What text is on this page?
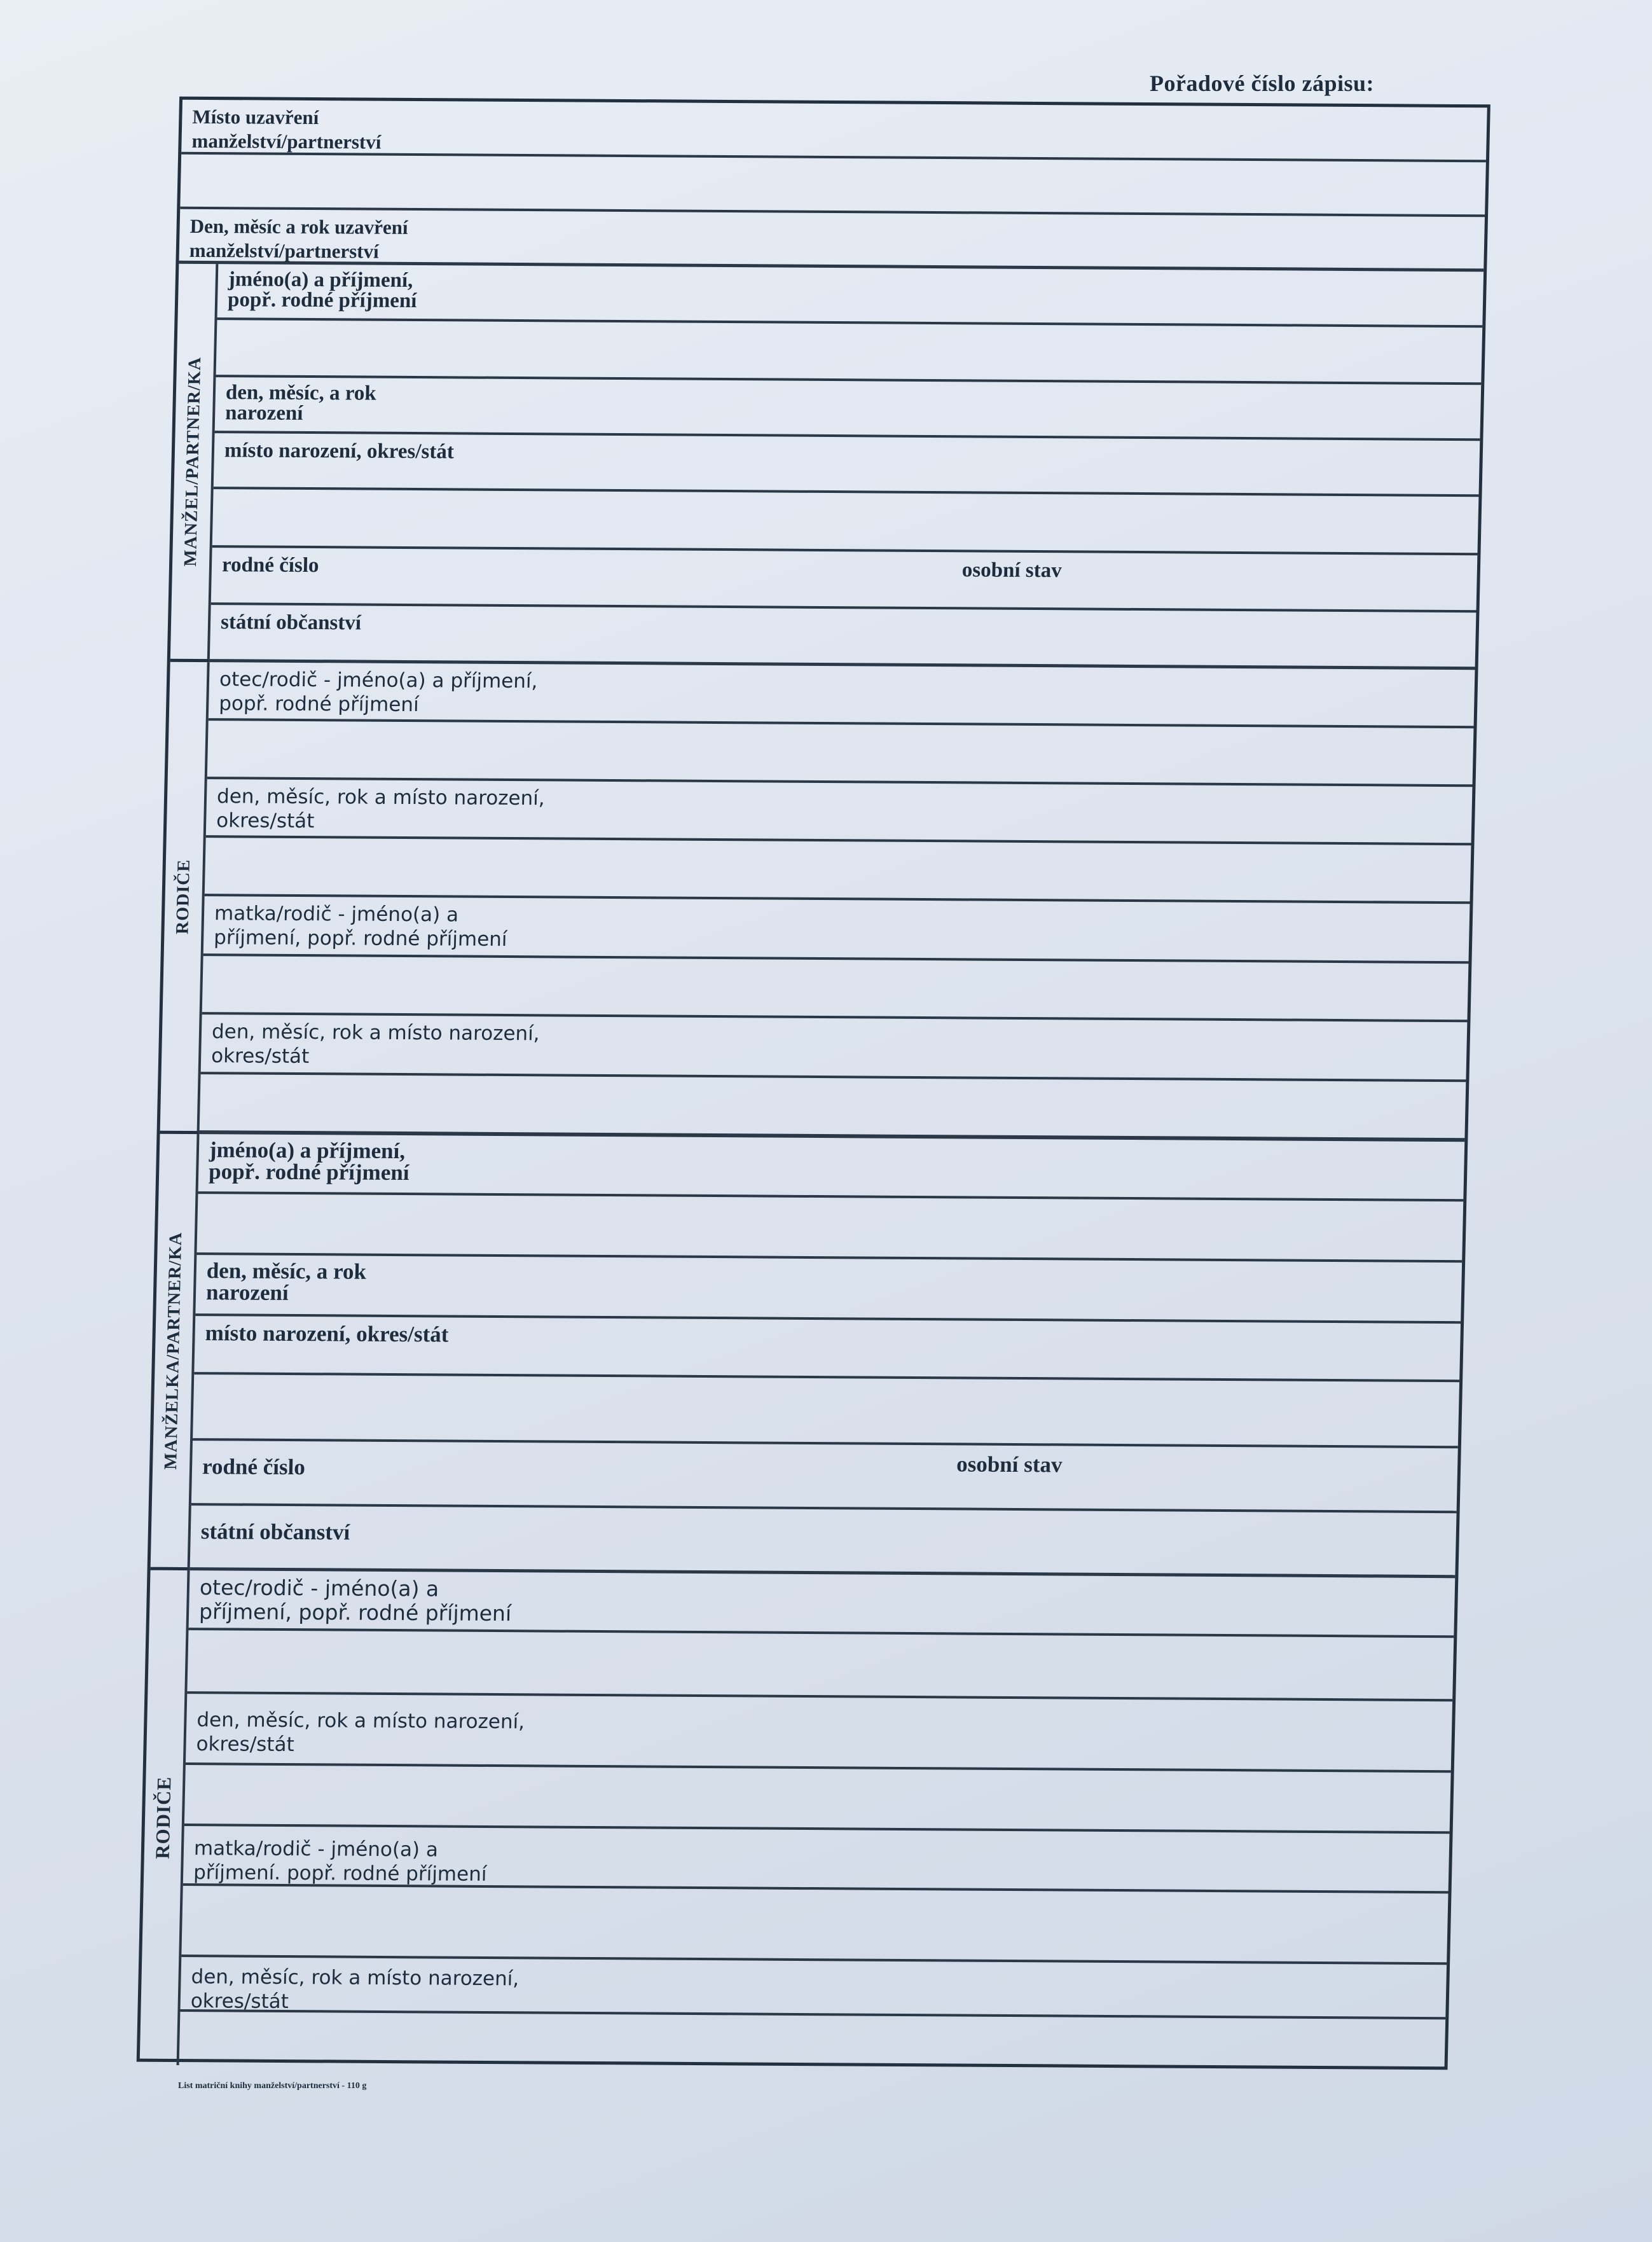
Pořadové číslo zápisu:
Místo uzavření
manželství/partnerství
Den, měsíc a rok uzavření
manželství/partnerství
MANŽEL/PARTNER/KA
jméno(a) a příjmení,
popř. rodné příjmení
den, měsíc, a rok
narození
místo narození, okres/stát
rodné číslo	osobní stav
státní občanství
RODIČE
otec/rodič - jméno(a) a příjmení,
popř. rodné příjmení
den, měsíc, rok a místo narození,
okres/stát
matka/rodič - jméno(a) a
příjmení, popř. rodné příjmení
den, měsíc, rok a místo narození,
okres/stát
MANŽELKA/PARTNER/KA
jméno(a) a příjmení,
popř. rodné příjmení
den, měsíc, a rok
narození
místo narození, okres/stát
rodné číslo	osobní stav
státní občanství
RODIČE
otec/rodič - jméno(a) a
příjmení, popř. rodné příjmení
den, měsíc, rok a místo narození,
okres/stát
matka/rodič - jméno(a) a
příjmení. popř. rodné příjmení
den, měsíc, rok a místo narození,
okres/stát
List matriční knihy manželství/partnerství - 110 g
